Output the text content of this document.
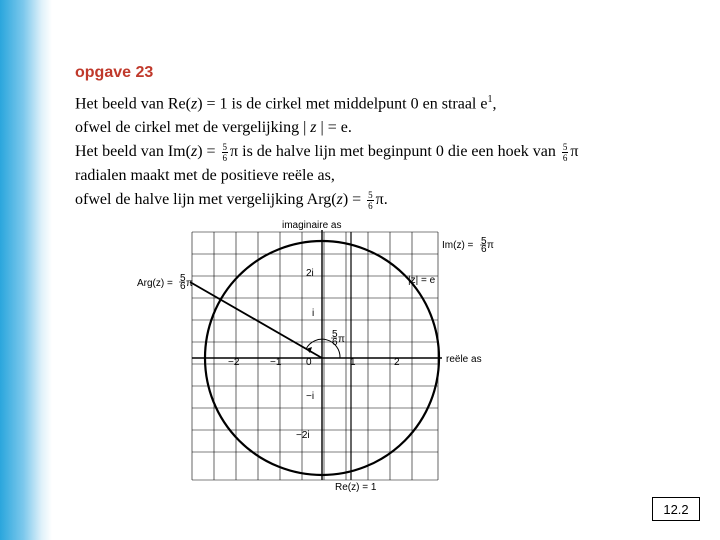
opgave 23
Het beeld van Re(z) = 1 is de cirkel met middelpunt 0 en straal $e^1$,
ofwel de cirkel met de vergelijking | z | = e.
Het beeld van $Im(z) = \frac{5}{6}$ π is de halve lijn met beginpunt 0 die een hoek van $\frac{5}{6}$ π
radialen maakt met de positieve reële as,
ofwel de halve lijn met vergelijking $Arg(z) = \frac{5}{6} \pi$.
imaginaire as
reële as
−2	−1 0	1	2
2i
i
−i
−2i
Im(z) = 5
6 π
|z| = e
Arg(z) = 5
6 π
5
6 π
Re(z) = 1
12.2
